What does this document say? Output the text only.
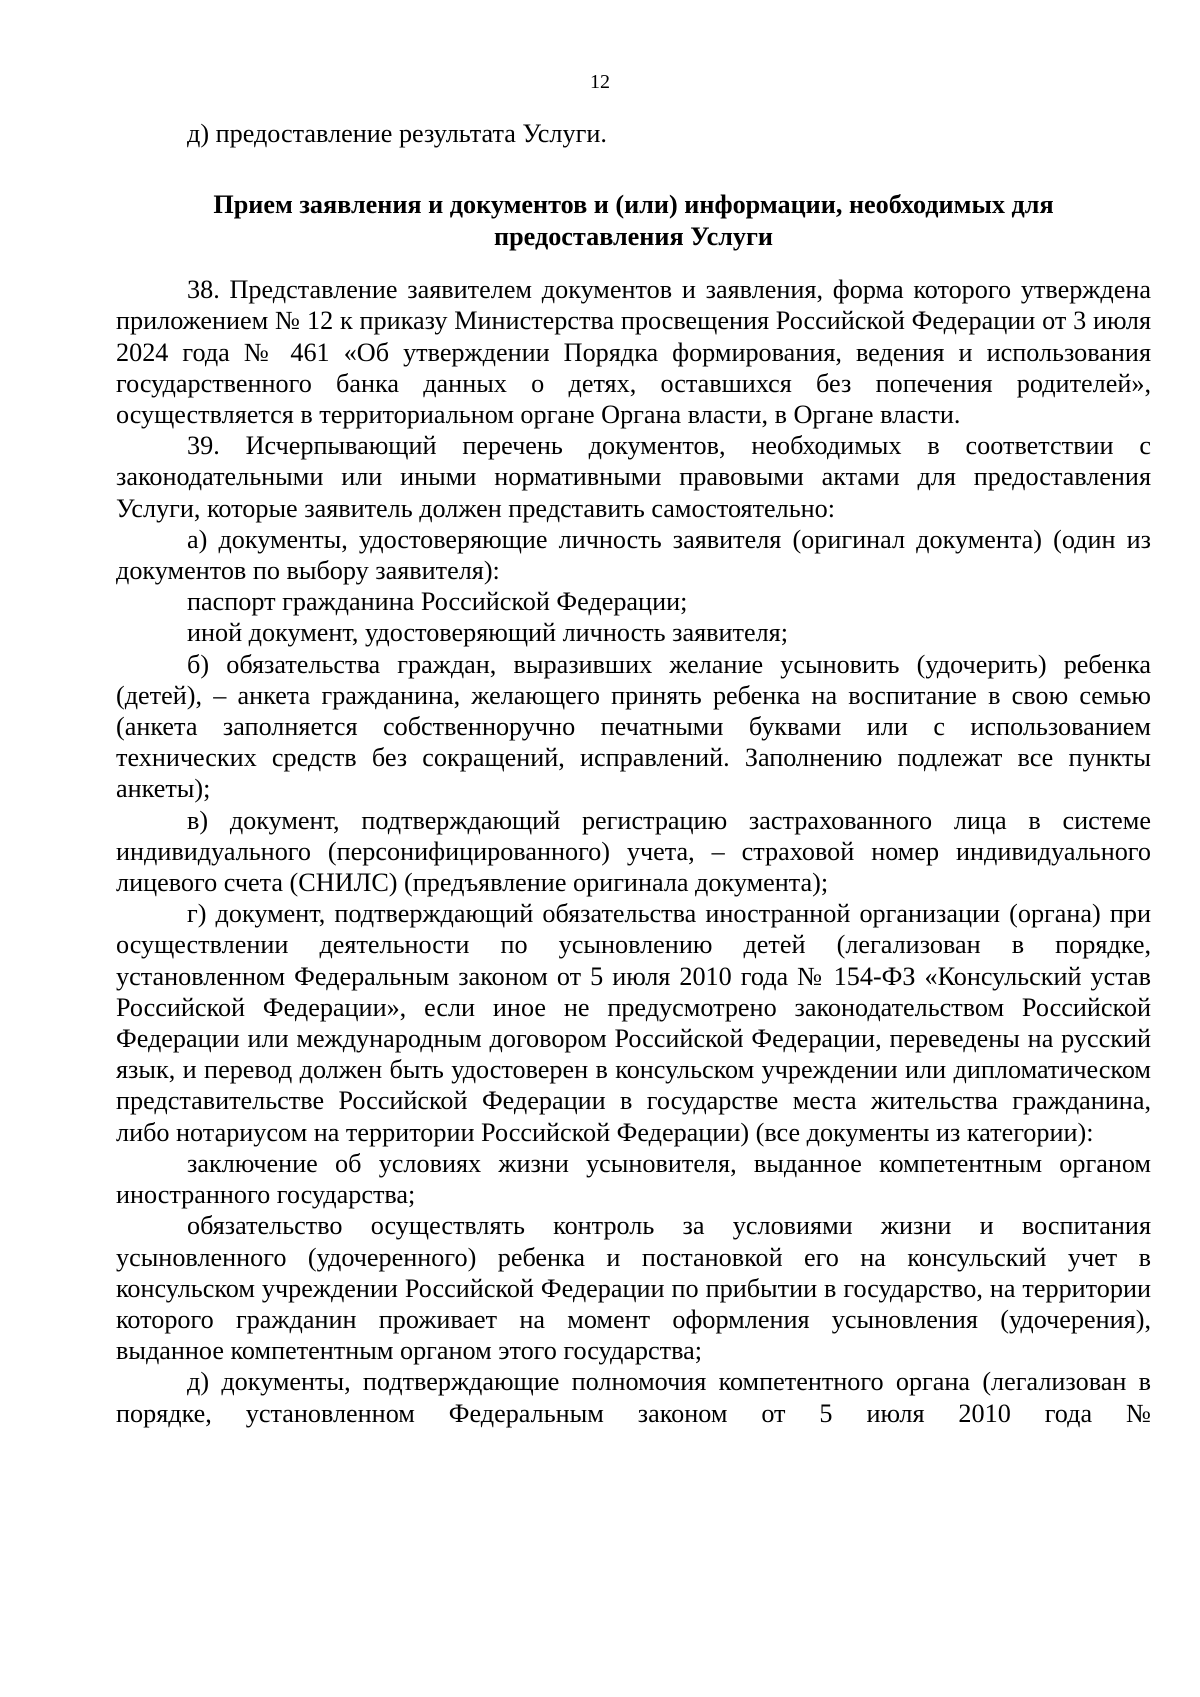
12

д) предоставление результата Услуги.

Прием заявления и документов и (или) информации, необходимых для предоставления Услуги

38. Представление заявителем документов и заявления, форма которого утверждена приложением № 12 к приказу Министерства просвещения Российской Федерации от 3 июля 2024 года № 461 «Об утверждении Порядка формирования, ведения и использования государственного банка данных о детях, оставшихся без попечения родителей», осуществляется в территориальном органе Органа власти, в Органе власти.

39. Исчерпывающий перечень документов, необходимых в соответствии с законодательными или иными нормативными правовыми актами для предоставления Услуги, которые заявитель должен представить самостоятельно:

а) документы, удостоверяющие личность заявителя (оригинал документа) (один из документов по выбору заявителя):

паспорт гражданина Российской Федерации;

иной документ, удостоверяющий личность заявителя;

б) обязательства граждан, выразивших желание усыновить (удочерить) ребенка (детей), – анкета гражданина, желающего принять ребенка на воспитание в свою семью (анкета заполняется собственноручно печатными буквами или с использованием технических средств без сокращений, исправлений. Заполнению подлежат все пункты анкеты);

в) документ, подтверждающий регистрацию застрахованного лица в системе индивидуального (персонифицированного) учета, – страховой номер индивидуального лицевого счета (СНИЛС) (предъявление оригинала документа);

г) документ, подтверждающий обязательства иностранной организации (органа) при осуществлении деятельности по усыновлению детей (легализован в порядке, установленном Федеральным законом от 5 июля 2010 года № 154-ФЗ «Консульский устав Российской Федерации», если иное не предусмотрено законодательством Российской Федерации или международным договором Российской Федерации, переведены на русский язык, и перевод должен быть удостоверен в консульском учреждении или дипломатическом представительстве Российской Федерации в государстве места жительства гражданина, либо нотариусом на территории Российской Федерации) (все документы из категории):

заключение об условиях жизни усыновителя, выданное компетентным органом иностранного государства;

обязательство осуществлять контроль за условиями жизни и воспитания усыновленного (удочеренного) ребенка и постановкой его на консульский учет в консульском учреждении Российской Федерации по прибытии в государство, на территории которого гражданин проживает на момент оформления усыновления (удочерения), выданное компетентным органом этого государства;

д) документы, подтверждающие полномочия компетентного органа (легализован в порядке, установленном Федеральным законом от 5 июля 2010 года №
